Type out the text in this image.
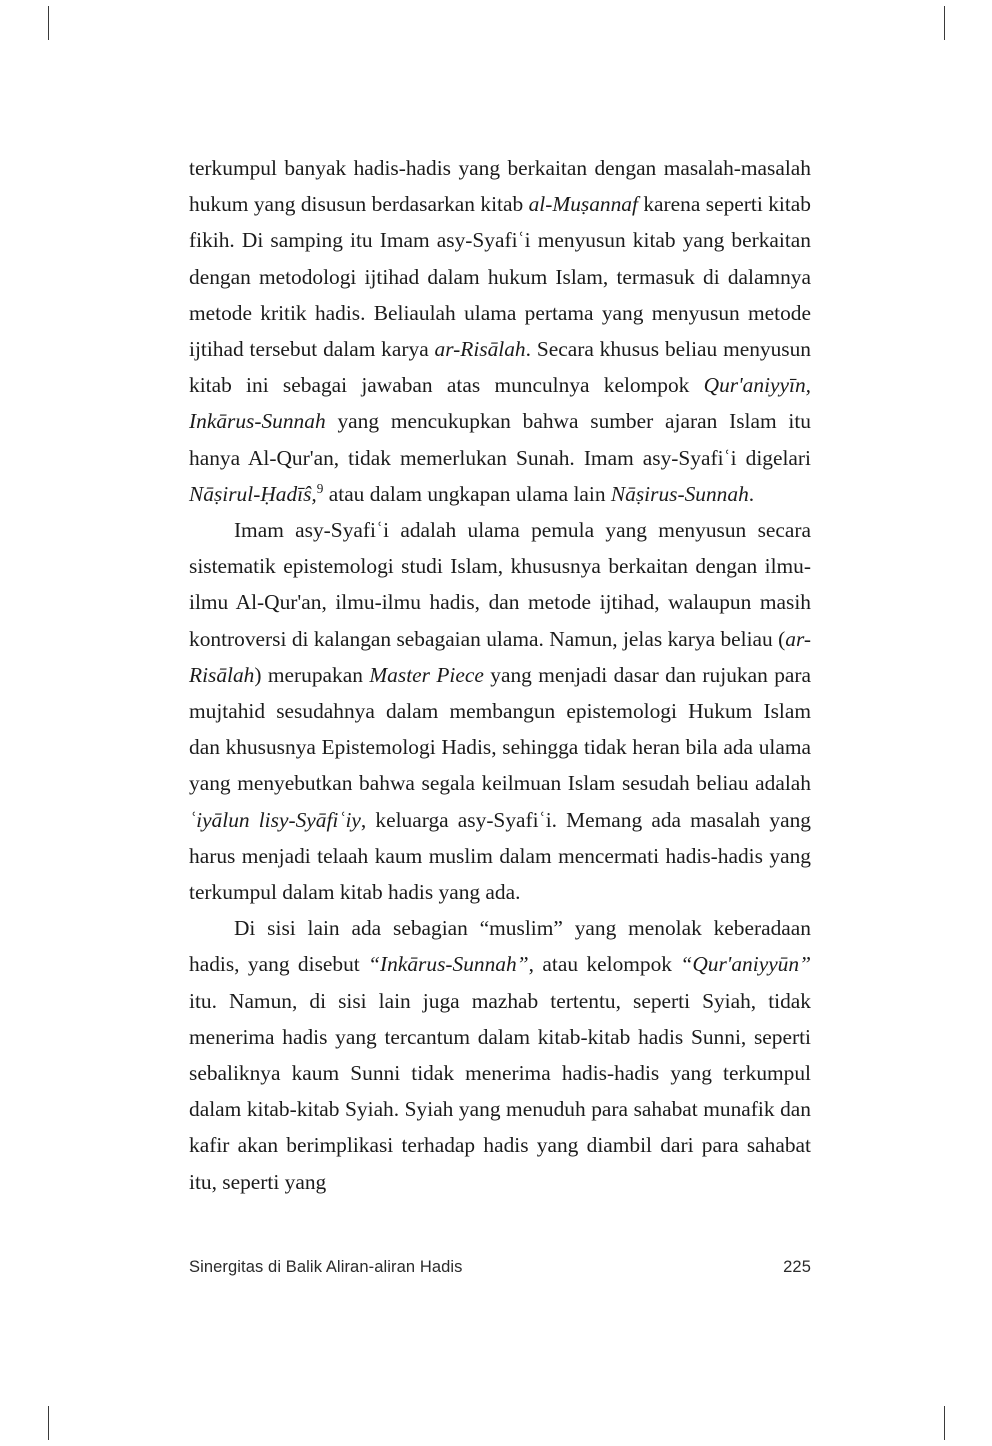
terkumpul banyak hadis-hadis yang berkaitan dengan masalah-masalah hukum yang disusun berdasarkan kitab al-Muṣannaf karena seperti kitab fikih. Di samping itu Imam asy-Syafiʿi menyusun kitab yang berkaitan dengan metodologi ijtihad dalam hukum Islam, termasuk di dalamnya metode kritik hadis. Beliaulah ulama pertama yang menyusun metode ijtihad tersebut dalam karya ar-Risālah. Secara khusus beliau menyusun kitab ini sebagai jawaban atas munculnya kelompok Qur'aniyyīn, Inkārus-Sunnah yang mencukupkan bahwa sumber ajaran Islam itu hanya Al-Qur'an, tidak memerlukan Sunah. Imam asy-Syafiʿi digelari Nāṣirul-Ḥadīŝ,$^9$ atau dalam ungkapan ulama lain Nāṣirus-Sunnah.

Imam asy-Syafiʿi adalah ulama pemula yang menyusun secara sistematik epistemologi studi Islam, khususnya berkaitan dengan ilmu-ilmu Al-Qur'an, ilmu-ilmu hadis, dan metode ijtihad, walaupun masih kontroversi di kalangan sebagaian ulama. Namun, jelas karya beliau (ar-Risālah) merupakan Master Piece yang menjadi dasar dan rujukan para mujtahid sesudahnya dalam membangun epistemologi Hukum Islam dan khususnya Epistemologi Hadis, sehingga tidak heran bila ada ulama yang menyebutkan bahwa segala keilmuan Islam sesudah beliau adalah ʿiyālun lisy-Syāfiʿiy, keluarga asy-Syafiʿi. Memang ada masalah yang harus menjadi telaah kaum muslim dalam mencermati hadis-hadis yang terkumpul dalam kitab hadis yang ada.

Di sisi lain ada sebagian “muslim” yang menolak keberadaan hadis, yang disebut “Inkārus-Sunnah”, atau kelompok “Qur'aniyyūn” itu. Namun, di sisi lain juga mazhab tertentu, seperti Syiah, tidak menerima hadis yang tercantum dalam kitab-kitab hadis Sunni, seperti sebaliknya kaum Sunni tidak menerima hadis-hadis yang terkumpul dalam kitab-kitab Syiah. Syiah yang menuduh para sahabat munafik dan kafir akan berimplikasi terhadap hadis yang diambil dari para sahabat itu, seperti yang

Sinergitas di Balik Aliran-aliran Hadis	225
